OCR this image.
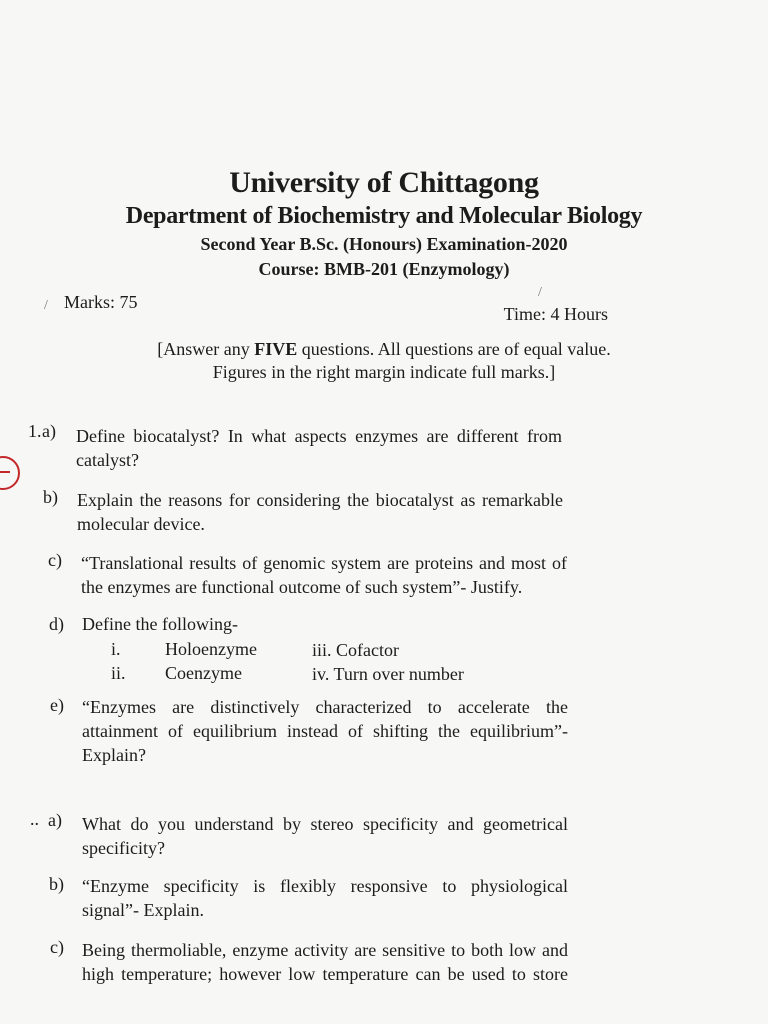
University of Chittagong
Department of Biochemistry and Molecular Biology
Second Year B.Sc. (Honours) Examination-2020
Course: BMB-201 (Enzymology)
Marks: 75
Time: 4 Hours
[Answer any FIVE questions. All questions are of equal value.
Figures in the right margin indicate full marks.]
1. a)	Define biocatalyst? In what aspects enzymes are different from
catalyst?
b) Explain the reasons for considering the biocatalyst as remarkable
molecular device.
c) “Translational results of genomic system are proteins and most of
the enzymes are functional outcome of such system”- Justify.
d) Define the following-
i. Holoenzyme
ii. Coenzyme
iii. Cofactor
iv. Turn over number
e) “Enzymes are distinctively characterized to accelerate the
attainment of equilibrium instead of shifting the equilibrium”-
Explain?
.. a)	What do you understand by stereo specificity and geometrical
specificity?
b) “Enzyme specificity is flexibly responsive to physiological
signal”- Explain.
c) Being thermoliable, enzyme activity are sensitive to both low and
high temperature; however low temperature can be used to store
/
/
